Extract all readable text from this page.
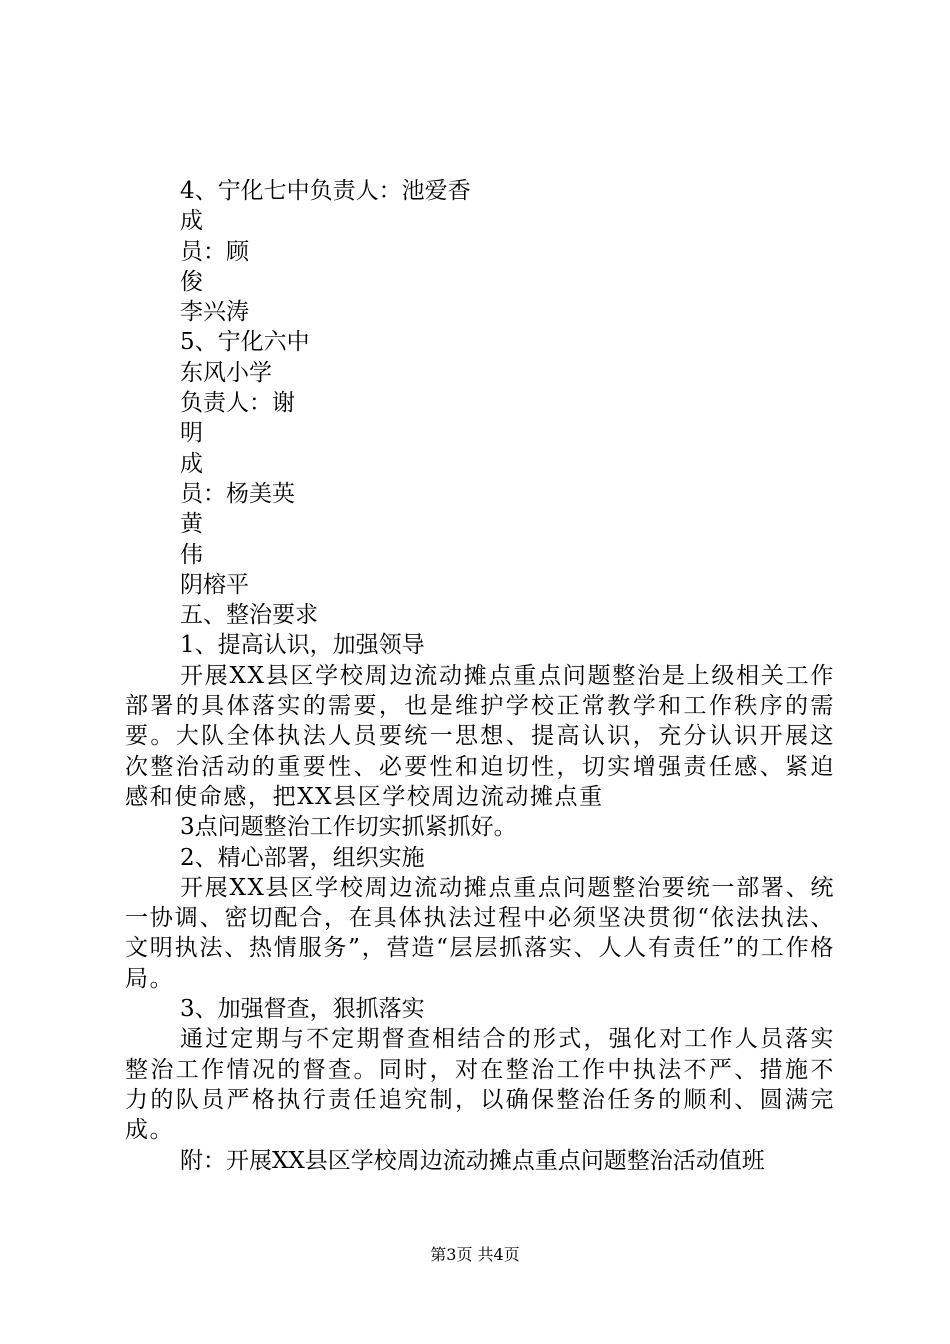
4、宁化七中负责人：池爱香
成
员：顾
俊
李兴涛
5、宁化六中
东风小学
负责人：谢
明
成
员：杨美英
黄
伟
阴榕平
五、整治要求
1、提高认识，加强领导
开展XX县区学校周边流动摊点重点问题整治是上级相关工作部署的具体落实的需要，也是维护学校正常教学和工作秩序的需要。大队全体执法人员要统一思想、提高认识，充分认识开展这次整治活动的重要性、必要性和迫切性，切实增强责任感、紧迫感和使命感，把XX县区学校周边流动摊点重
3点问题整治工作切实抓紧抓好。
2、精心部署，组织实施
开展XX县区学校周边流动摊点重点问题整治要统一部署、统一协调、密切配合，在具体执法过程中必须坚决贯彻“依法执法、文明执法、热情服务”，营造“层层抓落实、人人有责任”的工作格局。
3、加强督查，狠抓落实
通过定期与不定期督查相结合的形式，强化对工作人员落实整治工作情况的督查。同时，对在整治工作中执法不严、措施不力的队员严格执行责任追究制，以确保整治任务的顺利、圆满完成。
附：开展XX县区学校周边流动摊点重点问题整治活动值班
第3页 共4页
